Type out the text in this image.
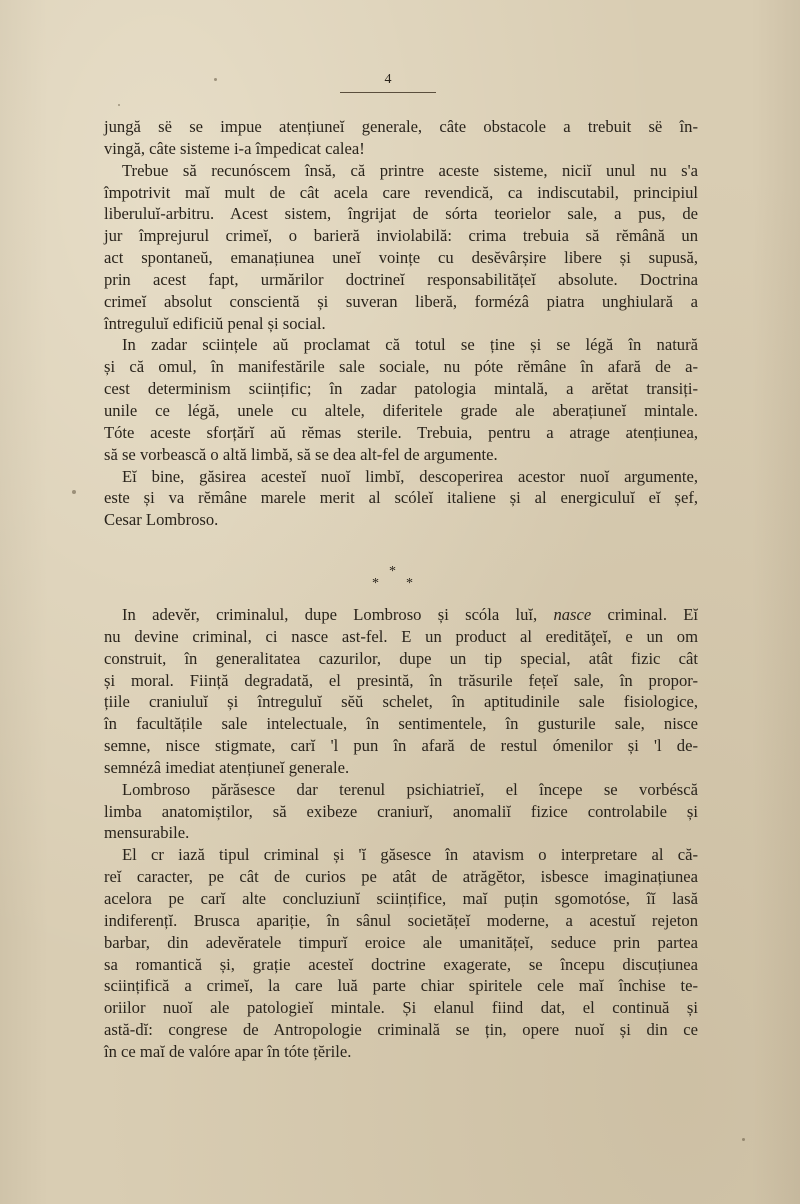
4
jungă së se impue atențiuneĭ generale, câte obstacole a trebuit së în-
vingă, câte sisteme i-a împedicat calea!
Trebue să recunóscem însă, că printre aceste sisteme, niciĭ unul nu s'a
împotrivit maĭ mult de cât acela care revendică, ca indiscutabil, principiul
liberuluĭ-arbitru. Acest sistem, îngrijat de sórta teorielor sale, a pus, de
jur împrejurul crimeĭ, o barieră inviolabilă: crima trebuia să rĕmână un
act spontaneŭ, emanațiunea uneĭ voințe cu desĕvârșire libere și supusă,
prin acest fapt, urmărilor doctrineĭ responsabilitățeĭ absolute. Doctrina
crimeĭ absolut conscientă și suveran liberă, formézâ piatra unghiulară a
întreguluĭ edificiŭ penal și social.
In zadar sciințele aŭ proclamat că totul se ține și se légă în natură
și că omul, în manifestările sale sociale, nu póte rĕmâne în afară de a-
cest determinism sciințific; în zadar patologia mintală, a arĕtat transiți-
unile ce légă, unele cu altele, diferitele grade ale aberațiuneĭ mintale.
Tóte aceste sforțărĭ aŭ rĕmas sterile. Trebuia, pentru a atrage atențiunea,
să se vorbească o altă limbă, să se dea alt-fel de argumente.
Eĭ bine, găsirea acesteĭ nuoĭ limbĭ, descoperirea acestor nuoĭ argumente,
este și va rĕmâne marele merit al scóleĭ italiene și al energiculuĭ eĭ șef,
Cesar Lombroso.
*
* *
In adevĕr, criminalul, dupe Lombroso și scóla luĭ, nasce criminal. Eĭ
nu devine criminal, ci nasce ast-fel. E un product al eredităţeĭ, e un om
construit, în generalitatea cazurilor, dupe un tip special, atât fizic cât
și moral. Ființă degradată, el presintă, în trăsurile fețeĭ sale, în propor-
țiile craniuluĭ și întreguluĭ sĕŭ schelet, în aptitudinile sale fisiologice,
în facultățile sale intelectuale, în sentimentele, în gusturile sale, nisce
semne, nisce stigmate, carĭ 'l pun în afară de restul ómenilor și 'l de-
semnézâ imediat atențiuneĭ generale.
Lombroso părăsesce dar terenul psichiatrieĭ, el începe se vorbéscă
limba anatomiștilor, să exibeze craniurĭ, anomaliĭ fizice controlabile și
mensurabile.
El cr iază tipul criminal și 'ĭ găsesce în atavism o interpretare al că-
reĭ caracter, pe cât de curios pe atât de atrăgĕtor, isbesce imaginațiunea
acelora pe carĭ alte concluziunĭ sciințifice, maĭ puțin sgomotóse, îĭ lasă
indiferențĭ. Brusca apariție, în sânul societățeĭ moderne, a acestuĭ rejeton
barbar, din adevĕratele timpurĭ eroice ale umanitățeĭ, seduce prin partea
sa romantică și, grație acesteĭ doctrine exagerate, se începu discuțiunea
sciințifică a crimeĭ, la care luă parte chiar spiritele cele maĭ închise te-
oriilor nuoĭ ale patologieĭ mintale. Și elanul fiind dat, el continuă și
astă-dĭ: congrese de Antropologie criminală se țin, opere nuoĭ și din ce
în ce maĭ de valóre apar în tóte țĕrile.
